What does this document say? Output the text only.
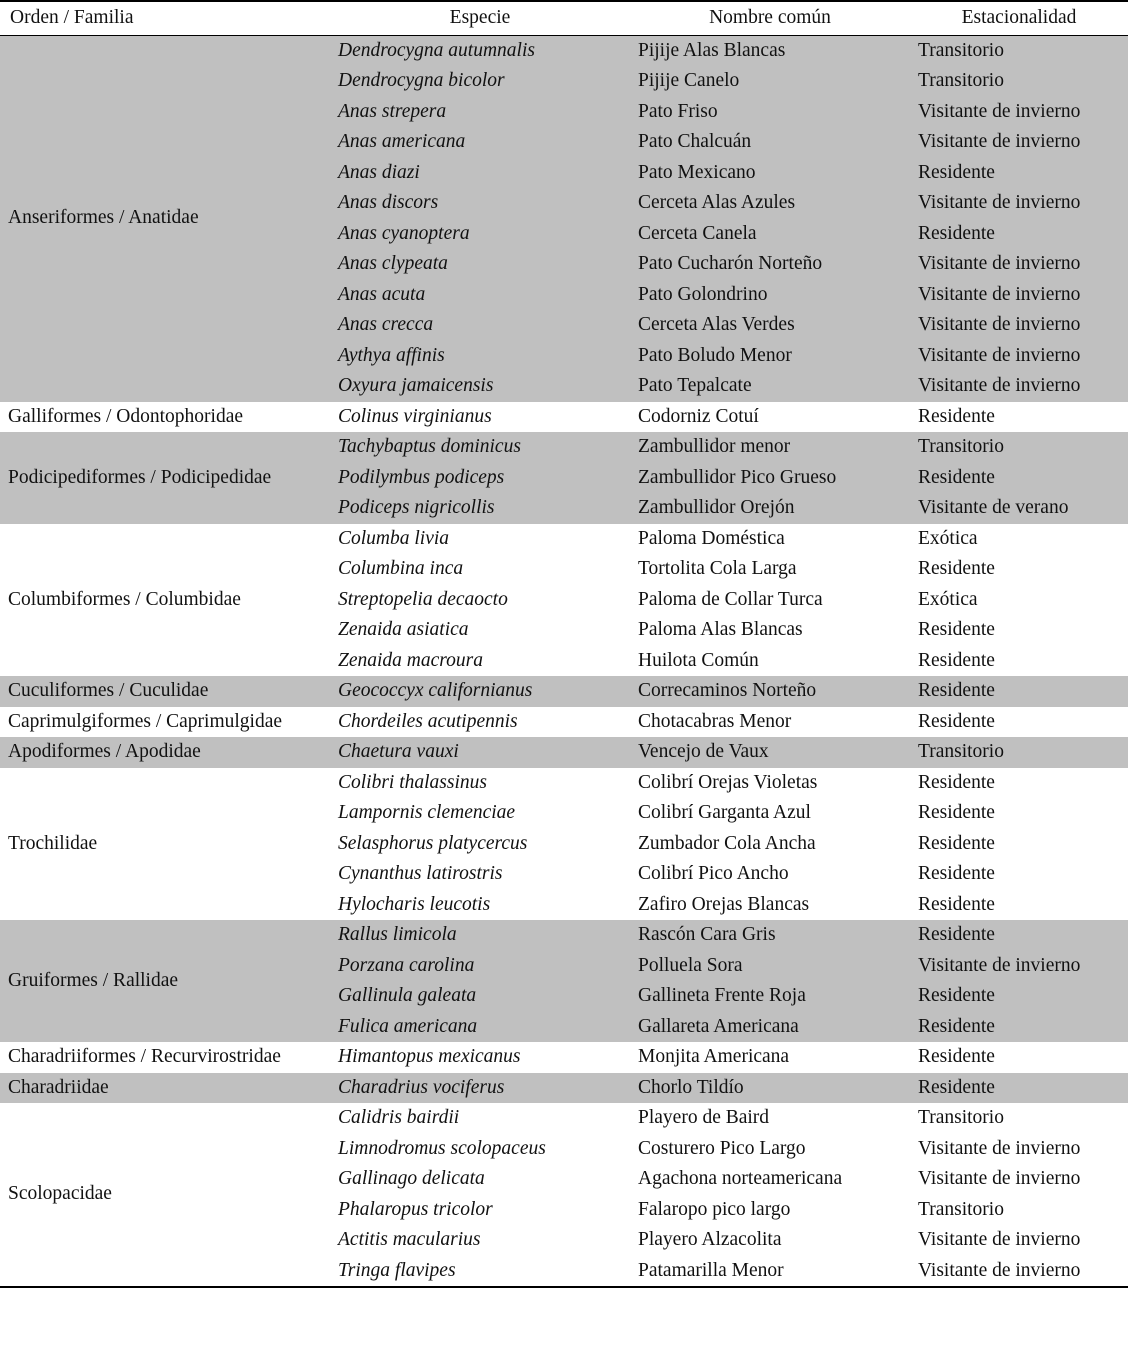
Orden / Familia	Especie	Nombre común	Estacionalidad
Anseriformes / Anatidae	Dendrocygna autumnalis	Pijije Alas Blancas	Transitorio
	Dendrocygna bicolor	Pijije Canelo	Transitorio
	Anas strepera	Pato Friso	Visitante de invierno
	Anas americana	Pato Chalcuán	Visitante de invierno
	Anas diazi	Pato Mexicano	Residente
	Anas discors	Cerceta Alas Azules	Visitante de invierno
	Anas cyanoptera	Cerceta Canela	Residente
	Anas clypeata	Pato Cucharón Norteño	Visitante de invierno
	Anas acuta	Pato Golondrino	Visitante de invierno
	Anas crecca	Cerceta Alas Verdes	Visitante de invierno
	Aythya affinis	Pato Boludo Menor	Visitante de invierno
	Oxyura jamaicensis	Pato Tepalcate	Visitante de invierno
Galliformes / Odontophoridae	Colinus virginianus	Codorniz Cotuí	Residente
Podicipediformes / Podicipedidae	Tachybaptus dominicus	Zambullidor menor	Transitorio
	Podilymbus podiceps	Zambullidor Pico Grueso	Residente
	Podiceps nigricollis	Zambullidor Orejón	Visitante de verano
Columbiformes / Columbidae	Columba livia	Paloma Doméstica	Exótica
	Columbina inca	Tortolita Cola Larga	Residente
	Streptopelia decaocto	Paloma de Collar Turca	Exótica
	Zenaida asiatica	Paloma Alas Blancas	Residente
	Zenaida macroura	Huilota Común	Residente
Cuculiformes / Cuculidae	Geococcyx californianus	Correcaminos Norteño	Residente
Caprimulgiformes / Caprimulgidae	Chordeiles acutipennis	Chotacabras Menor	Residente
Apodiformes / Apodidae	Chaetura vauxi	Vencejo de Vaux	Transitorio
Trochilidae	Colibri thalassinus	Colibrí Orejas Violetas	Residente
	Lampornis clemenciae	Colibrí Garganta Azul	Residente
	Selasphorus platycercus	Zumbador Cola Ancha	Residente
	Cynanthus latirostris	Colibrí Pico Ancho	Residente
	Hylocharis leucotis	Zafiro Orejas Blancas	Residente
Gruiformes / Rallidae	Rallus limicola	Rascón Cara Gris	Residente
	Porzana carolina	Polluela Sora	Visitante de invierno
	Gallinula galeata	Gallineta Frente Roja	Residente
	Fulica americana	Gallareta Americana	Residente
Charadriiformes / Recurvirostridae	Himantopus mexicanus	Monjita Americana	Residente
Charadriidae	Charadrius vociferus	Chorlo Tildío	Residente
Scolopacidae	Calidris bairdii	Playero de Baird	Transitorio
	Limnodromus scolopaceus	Costurero Pico Largo	Visitante de invierno
	Gallinago delicata	Agachona norteamericana	Visitante de invierno
	Phalaropus tricolor	Falaropo pico largo	Transitorio
	Actitis macularius	Playero Alzacolita	Visitante de invierno
	Tringa flavipes	Patamarilla Menor	Visitante de invierno
